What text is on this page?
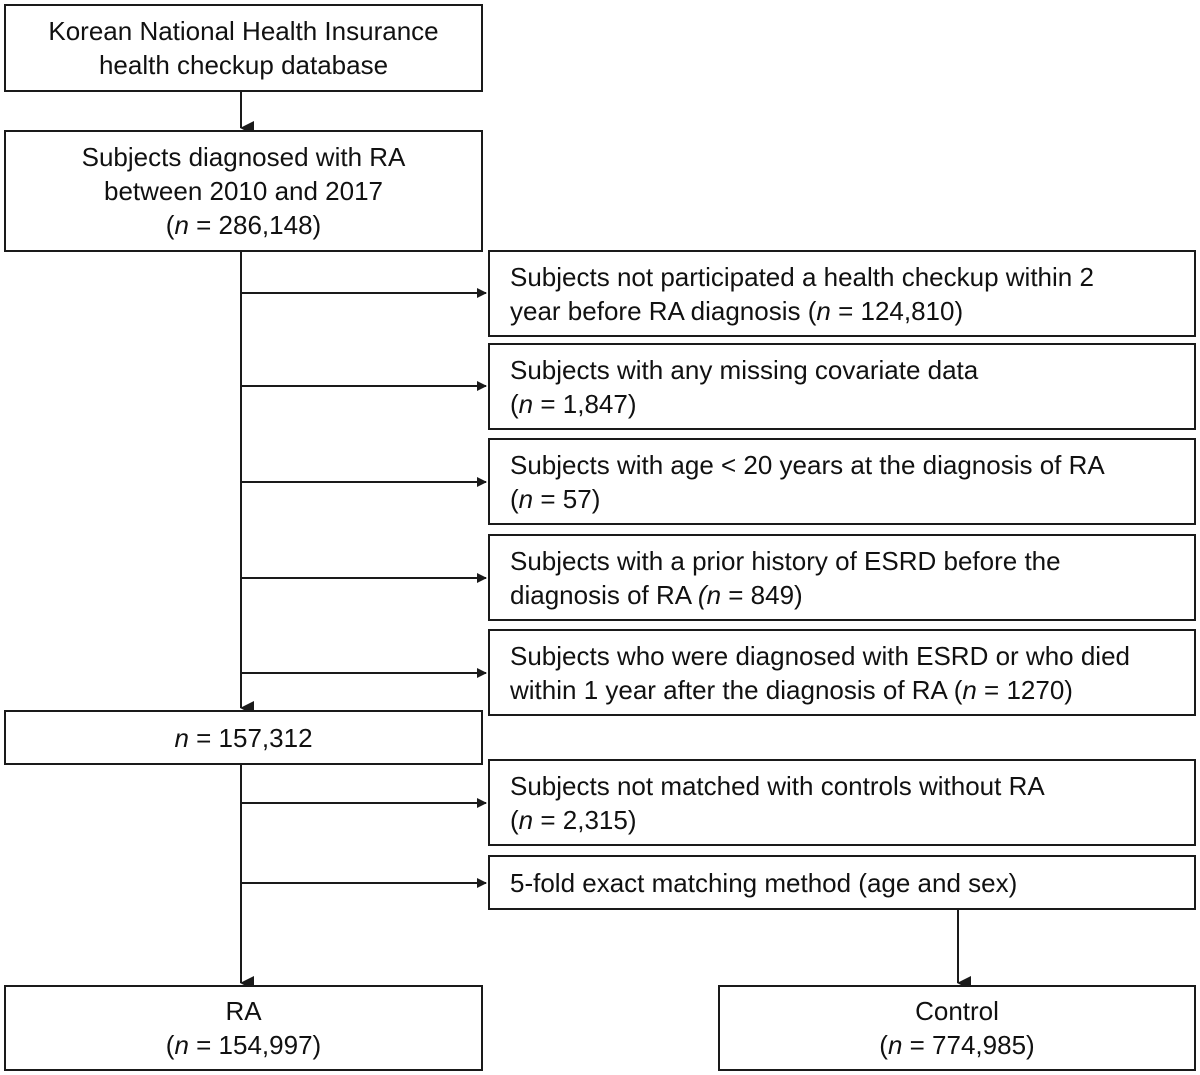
Korean National Health Insurance
health checkup database
Subjects diagnosed with RA
between 2010 and 2017
(n = 286,148)
Subjects not participated a health checkup within 2
year before RA diagnosis (n = 124,810)
Subjects with any missing covariate data
(n = 1,847)
Subjects with age < 20 years at the diagnosis of RA
(n = 57)
Subjects with a prior history of ESRD before the
diagnosis of RA (n = 849)
Subjects who were diagnosed with ESRD or who died
within 1 year after the diagnosis of RA (n = 1270)
n = 157,312
Subjects not matched with controls without RA
(n = 2,315)
5-fold exact matching method (age and sex)
RA
(n = 154,997)
Control
(n = 774,985)
